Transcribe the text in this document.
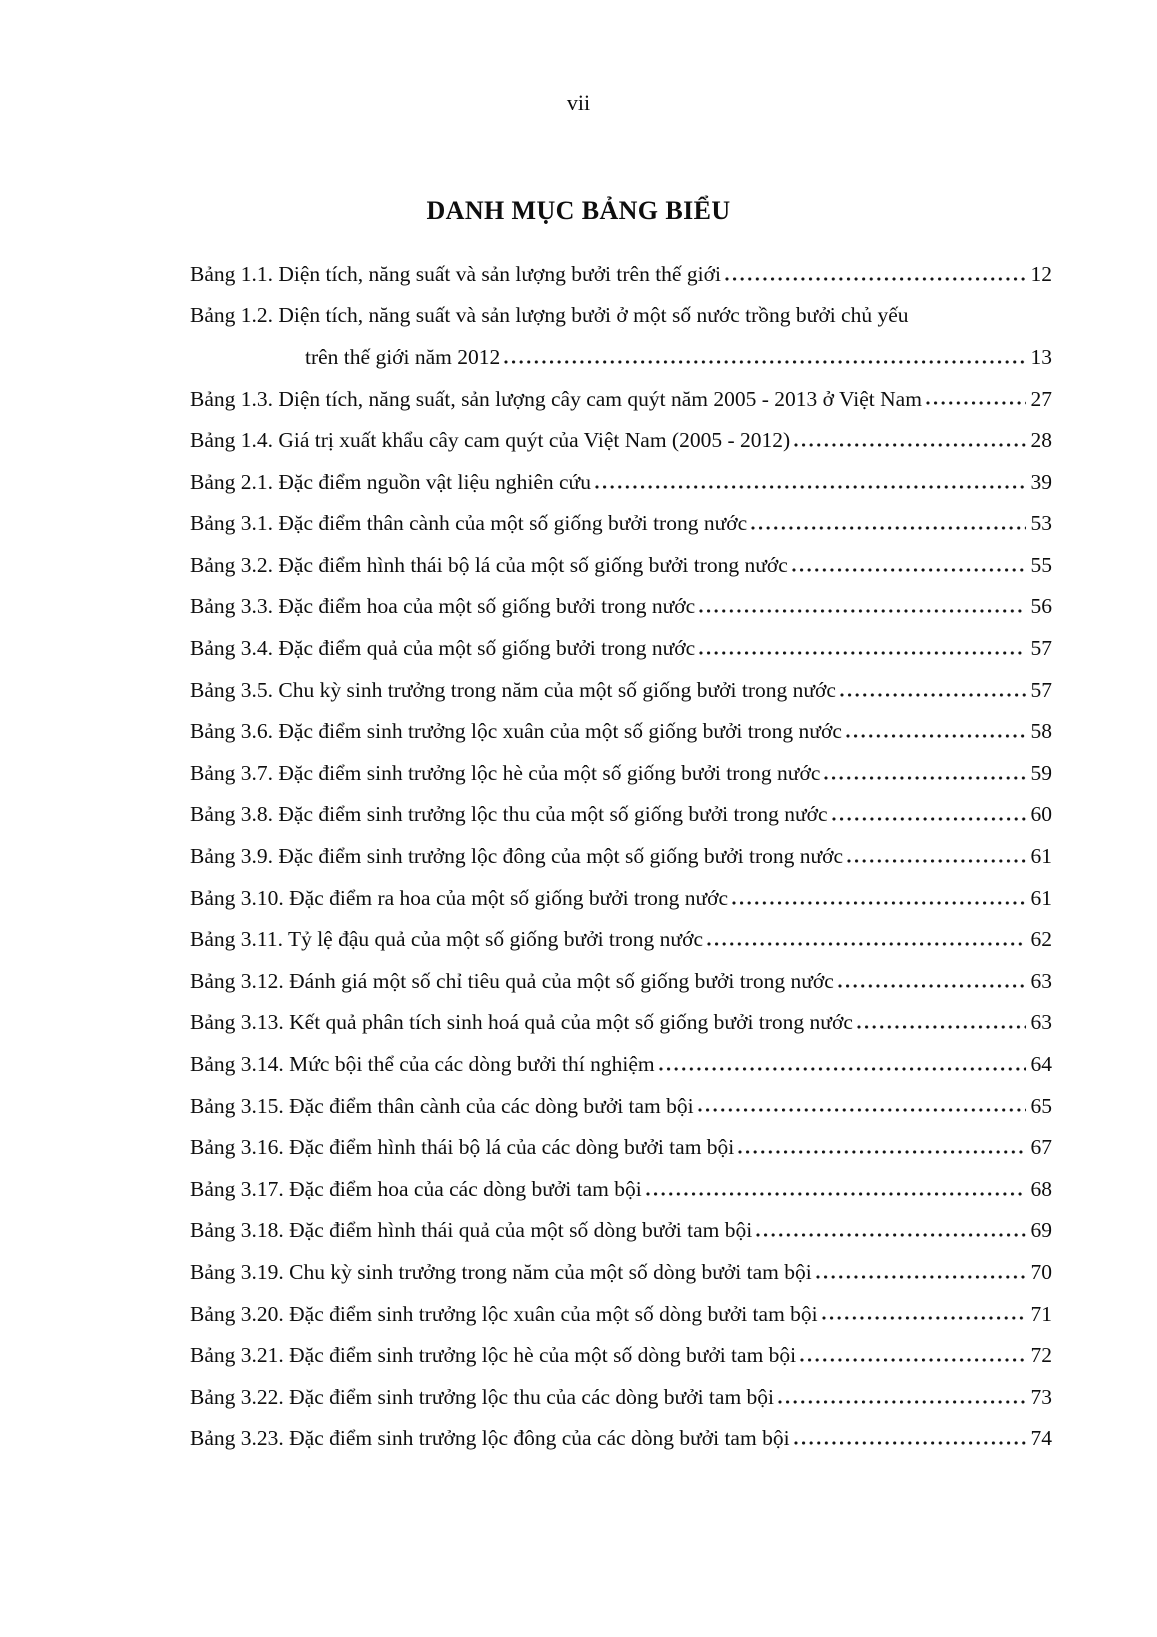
vii
DANH MỤC BẢNG BIỂU
Bảng 1.1. Diện tích, năng suất và sản lượng bưởi trên thế giới	12
Bảng 1.2. Diện tích, năng suất và sản lượng bưởi ở một số nước trồng bưởi chủ yếu
trên thế giới năm 2012	13
Bảng 1.3. Diện tích, năng suất, sản lượng cây cam quýt năm 2005 - 2013 ở Việt Nam	27
Bảng 1.4. Giá trị xuất khẩu cây cam quýt của Việt Nam (2005 - 2012)	28
Bảng 2.1. Đặc điểm nguồn vật liệu nghiên cứu	39
Bảng 3.1. Đặc điểm thân cành của một số giống bưởi trong nước	53
Bảng 3.2. Đặc điểm hình thái bộ lá của một số giống bưởi trong nước	55
Bảng 3.3. Đặc điểm hoa của một số giống bưởi trong nước	56
Bảng 3.4. Đặc điểm quả của một số giống bưởi trong nước	57
Bảng 3.5. Chu kỳ sinh trưởng trong năm của một số giống bưởi trong nước	57
Bảng 3.6. Đặc điểm sinh trưởng lộc xuân của một số giống bưởi trong nước	58
Bảng 3.7. Đặc điểm sinh trưởng lộc hè của một số giống bưởi trong nước	59
Bảng 3.8. Đặc điểm sinh trưởng lộc thu của một số giống bưởi trong nước	60
Bảng 3.9. Đặc điểm sinh trưởng lộc đông của một số giống bưởi trong nước	61
Bảng 3.10. Đặc điểm ra hoa của một số giống bưởi trong nước	61
Bảng 3.11. Tỷ lệ đậu quả của một số giống bưởi trong nước	62
Bảng 3.12. Đánh giá một số chỉ tiêu quả của một số giống bưởi trong nước	63
Bảng 3.13. Kết quả phân tích sinh hoá quả của một số giống bưởi trong nước	63
Bảng 3.14. Mức bội thể của các dòng bưởi thí nghiệm	64
Bảng 3.15. Đặc điểm thân cành của các dòng bưởi tam bội	65
Bảng 3.16. Đặc điểm hình thái bộ lá của các dòng bưởi tam bội	67
Bảng 3.17. Đặc điểm hoa của các dòng bưởi tam bội	68
Bảng 3.18. Đặc điểm hình thái quả của một số dòng bưởi tam bội	69
Bảng 3.19. Chu kỳ sinh trưởng trong năm của một số dòng bưởi tam bội	70
Bảng 3.20. Đặc điểm sinh trưởng lộc xuân của một số dòng bưởi tam bội	71
Bảng 3.21. Đặc điểm sinh trưởng lộc hè của một số dòng bưởi tam bội	72
Bảng 3.22. Đặc điểm sinh trưởng lộc thu của các dòng bưởi tam bội	73
Bảng 3.23. Đặc điểm sinh trưởng lộc đông của các dòng bưởi tam bội	74
